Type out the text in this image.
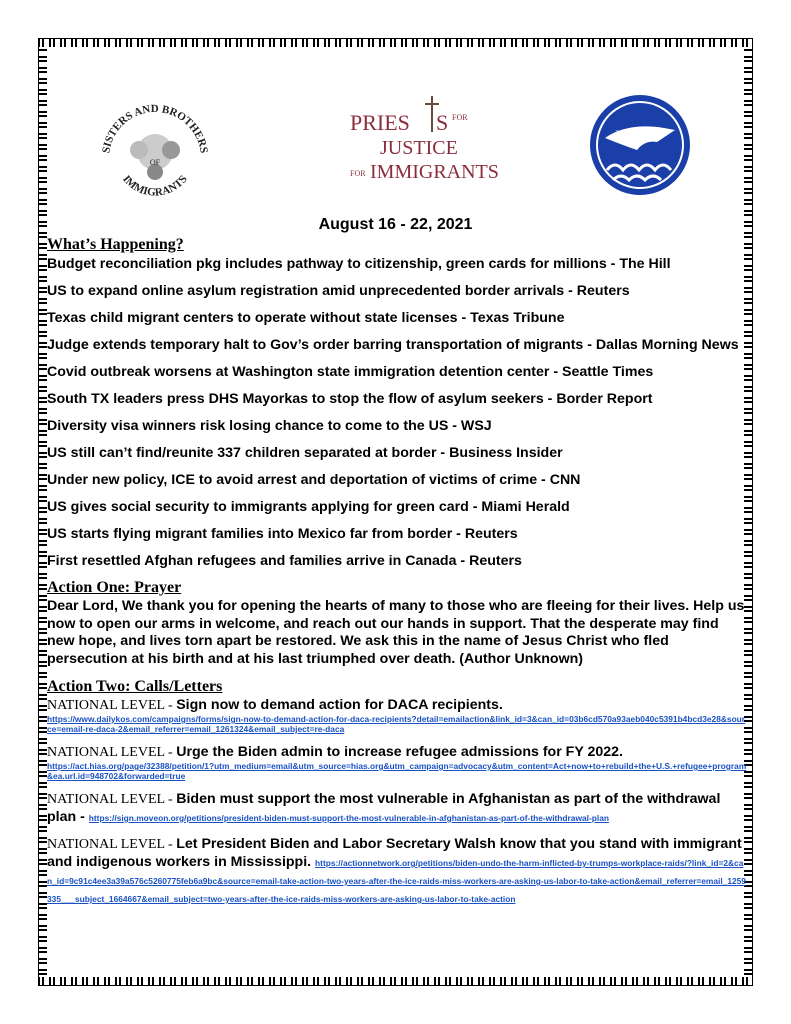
SISTERS AND BROTHERS
IMMIGRANTS
OF
PRIES S FOR
JUSTICE
FOR IMMIGRANTS
August 16 - 22, 2021
What’s Happening?
Budget reconciliation pkg includes pathway to citizenship, green cards for millions - The Hill
US to expand online asylum registration amid unprecedented border arrivals - Reuters
Texas child migrant centers to operate without state licenses - Texas Tribune
Judge extends temporary halt to Gov’s order barring transportation of migrants - Dallas Morning News
Covid outbreak worsens at Washington state immigration detention center - Seattle Times
South TX leaders press DHS Mayorkas to stop the flow of asylum seekers - Border Report
Diversity visa winners risk losing chance to come to the US - WSJ
US still can’t find/reunite 337 children separated at border - Business Insider
Under new policy, ICE to avoid arrest and deportation of victims of crime - CNN
US gives social security to immigrants applying for green card - Miami Herald
US starts flying migrant families into Mexico far from border - Reuters
First resettled Afghan refugees and families arrive in Canada - Reuters
Action One: Prayer

Dear Lord, We thank you for opening the hearts of many to those who are fleeing for their lives. Help us now to open our arms in welcome, and reach out our hands in support. That the desperate may find new hope, and lives torn apart be restored. We ask this in the name of Jesus Christ who fled persecution at his birth and at his last triumphed over death. (Author Unknown)

Action Two: Calls/Letters
NATIONAL LEVEL - Sign now to demand action for DACA recipients.
https://www.dailykos.com/campaigns/forms/sign-now-to-demand-action-for-daca-recipients?detail=emailaction&link_id=3&can_id=03b6cd570a93aeb040c5391b4bcd3e28&source=email-re-daca-2&email_referrer=email_1261324&email_subject=re-daca
NATIONAL LEVEL - Urge the Biden admin to increase refugee admissions for FY 2022.
https://act.hias.org/page/32388/petition/1?utm_medium=email&utm_source=hias.org&utm_campaign=advocacy&utm_content=Act+now+to+rebuild+the+U.S.+refugee+program&ea.url.id=948702&forwarded=true
NATIONAL LEVEL - Biden must support the most vulnerable in Afghanistan as part of the withdrawal plan - https://sign.moveon.org/petitions/president-biden-must-support-the-most-vulnerable-in-afghanistan-as-part-of-the-withdrawal-plan
NATIONAL LEVEL - Let President Biden and Labor Secretary Walsh know that you stand with immigrant and indigenous workers in Mississippi. https://actionnetwork.org/petitions/biden-undo-the-harm-inflicted-by-trumps-workplace-raids/?link_id=2&can_id=9c91c4ee3a39a576c5260775feb6a9bc&source=email-take-action-two-years-after-the-ice-raids-miss-workers-are-asking-us-labor-to-take-action&email_referrer=email_1259335___subject_1664667&email_subject=two-years-after-the-ice-raids-miss-workers-are-asking-us-labor-to-take-action
